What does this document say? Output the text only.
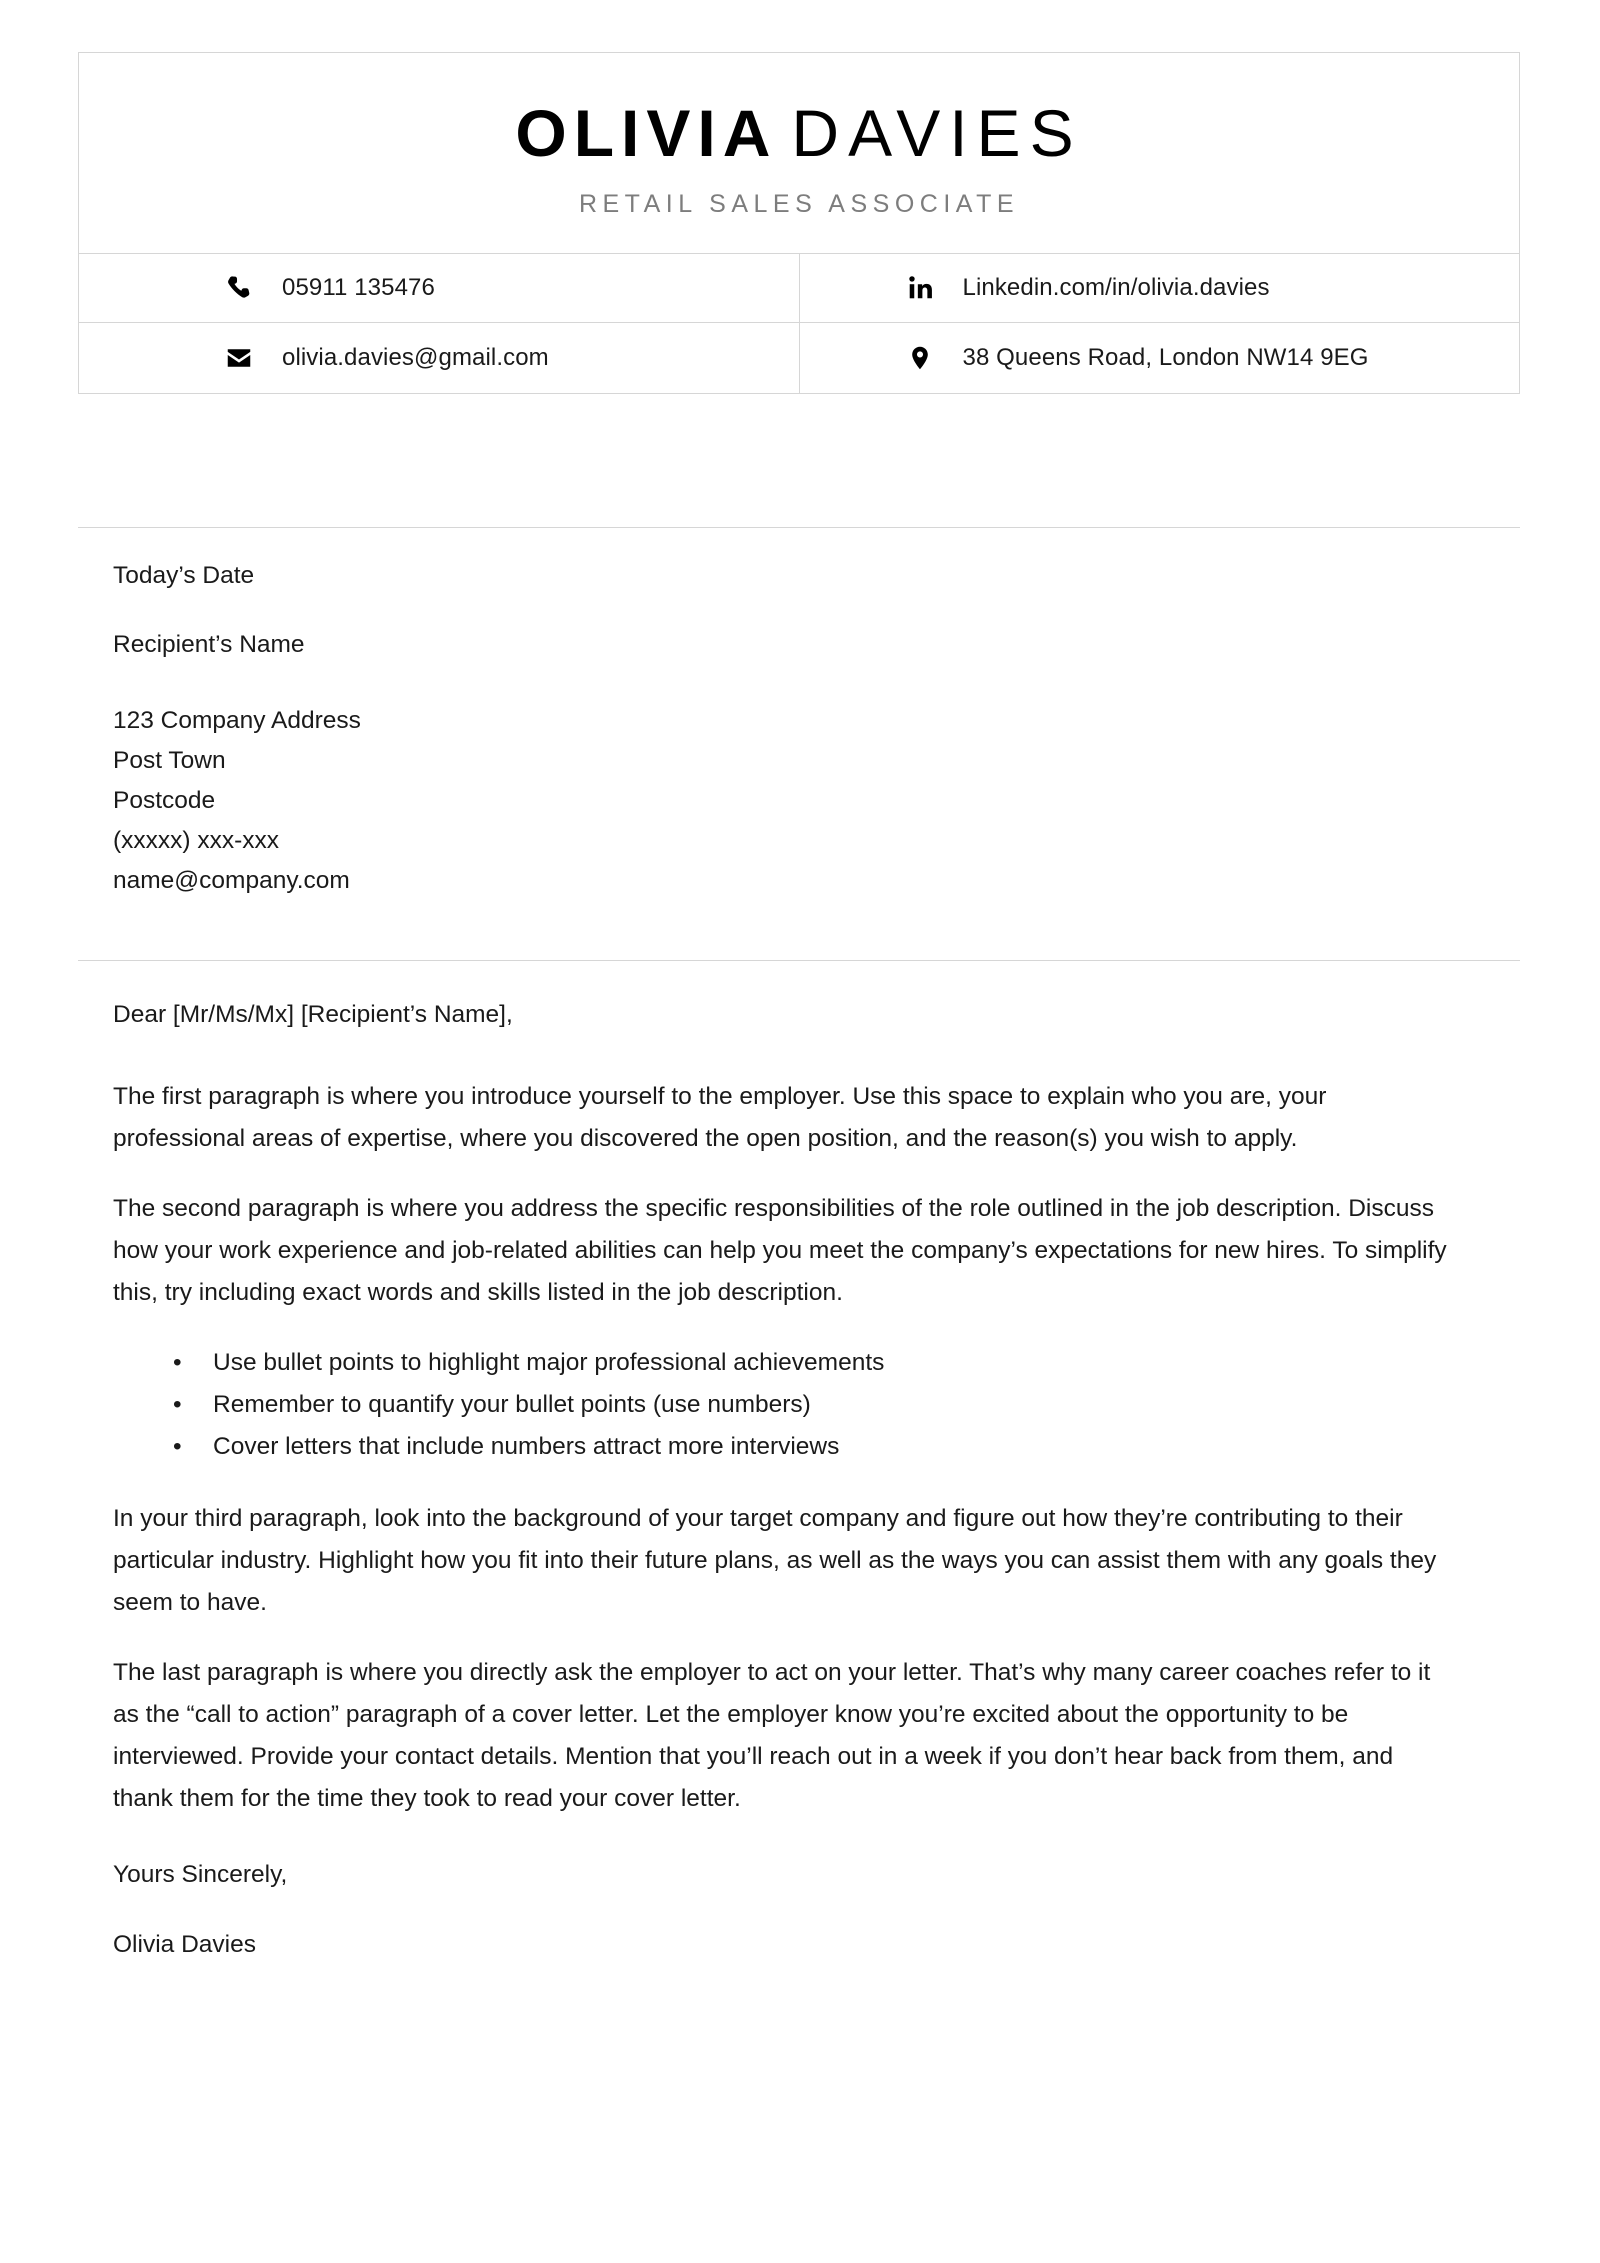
OLIVIA DAVIES
RETAIL SALES ASSOCIATE
05911 135476	Linkedin.com/in/olivia.davies
olivia.davies@gmail.com	38 Queens Road, London NW14 9EG
Today’s Date
Recipient’s Name
123 Company Address
Post Town
Postcode
(xxxxx) xxx-xxx
name@company.com
Dear [Mr/Ms/Mx] [Recipient’s Name],

The first paragraph is where you introduce yourself to the employer. Use this space to explain who you are, your professional areas of expertise, where you discovered the open position, and the reason(s) you wish to apply.

The second paragraph is where you address the specific responsibilities of the role outlined in the job description. Discuss how your work experience and job-related abilities can help you meet the company’s expectations for new hires. To simplify this, try including exact words and skills listed in the job description.

• Use bullet points to highlight major professional achievements
• Remember to quantify your bullet points (use numbers)
• Cover letters that include numbers attract more interviews

In your third paragraph, look into the background of your target company and figure out how they’re contributing to their particular industry. Highlight how you fit into their future plans, as well as the ways you can assist them with any goals they seem to have.

The last paragraph is where you directly ask the employer to act on your letter. That’s why many career coaches refer to it as the “call to action” paragraph of a cover letter. Let the employer know you’re excited about the opportunity to be interviewed. Provide your contact details. Mention that you’ll reach out in a week if you don’t hear back from them, and thank them for the time they took to read your cover letter.

Yours Sincerely,
Olivia Davies
